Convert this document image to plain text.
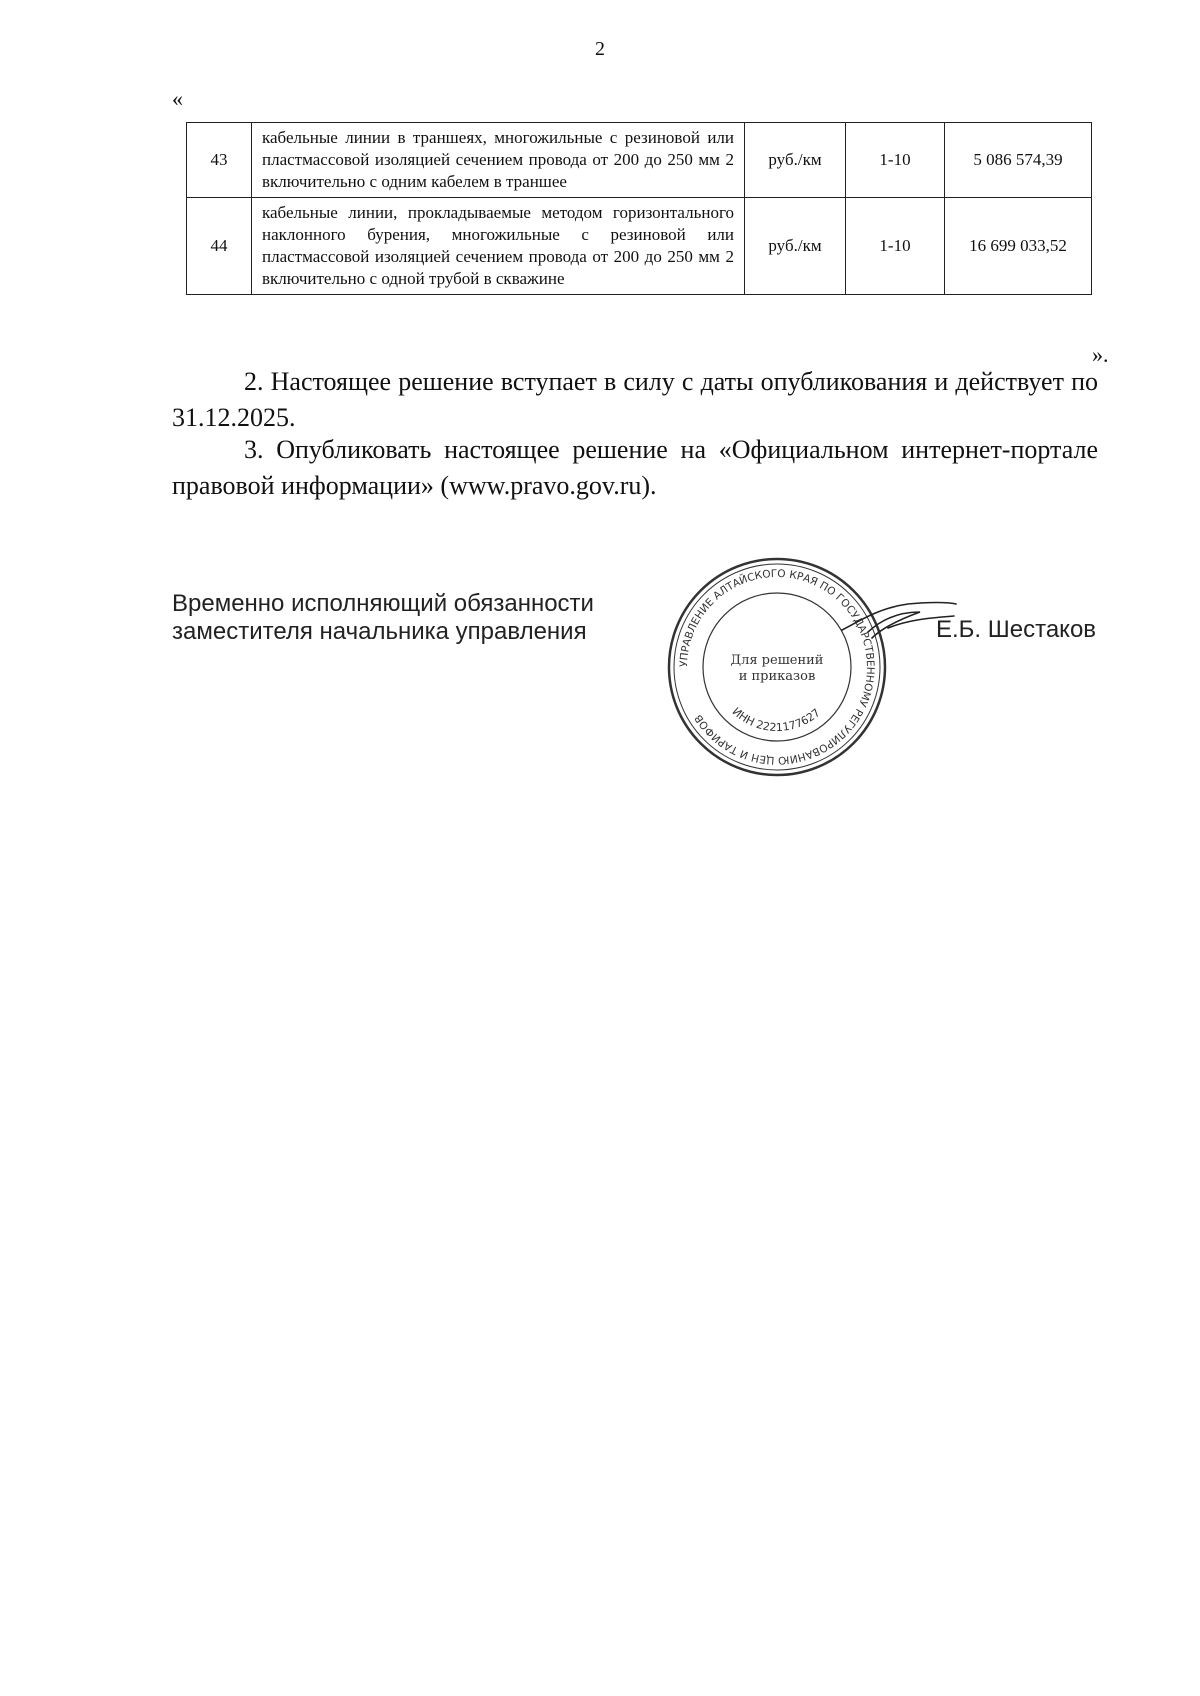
2
«
43	кабельные линии в траншеях, многожильные с резиновой или пластмассовой изоляцией сечением провода от 200 до 250 мм 2 включительно с одним кабелем в траншее	руб./км	1-10	5 086 574,39
44	кабельные линии, прокладываемые методом горизонтального наклонного бурения, многожильные с резиновой или пластмассовой изоляцией сечением провода от 200 до 250 мм 2 включительно с одной трубой в скважине	руб./км	1-10	16 699 033,52
».
2. Настоящее решение вступает в силу с даты опубликования и действует по 31.12.2025.
3. Опубликовать настоящее решение на «Официальном интернет-портале правовой информации» (www.pravo.gov.ru).
Временно исполняющий обязанности
заместителя начальника управления
УПРАВЛЕНИЕ АЛТАЙСКОГО КРАЯ ПО ГОСУДАРСТВЕННОМУ РЕГУЛИРОВАНИЮ ЦЕН И ТАРИФОВ	ИНН 2221177627
Для решений
и приказов
Е.Б. Шестаков
